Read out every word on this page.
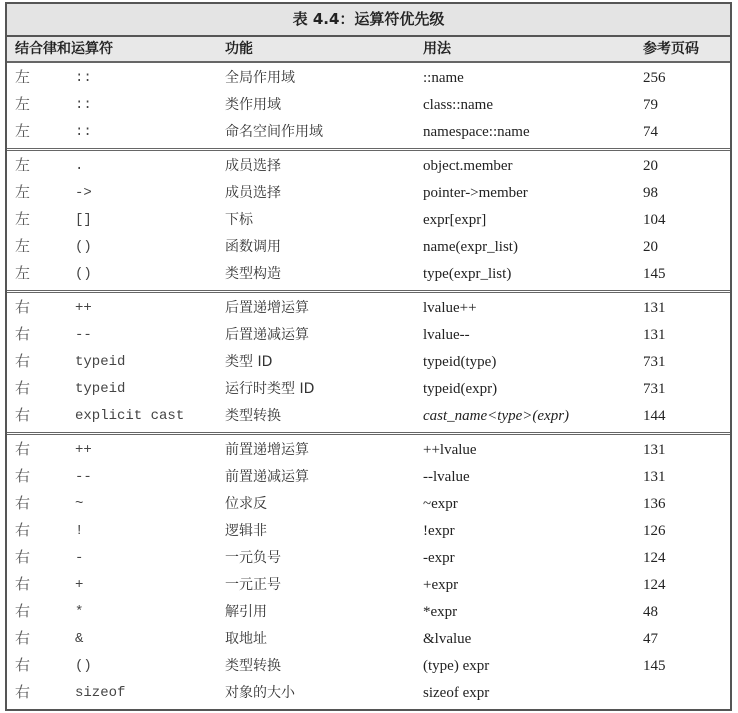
表 4.4：运算符优先级
结合律和运算符	功能	用法	参考页码
左	::	全局作用域	::name	256
左	::	类作用域	class::name	79
左	::	命名空间作用域	namespace::name	74
左	.	成员选择	object.member	20
左	->	成员选择	pointer->member	98
左	[]	下标	expr[expr]	104
左	()	函数调用	name(expr_list)	20
左	()	类型构造	type(expr_list)	145
右	++	后置递增运算	lvalue++	131
右	--	后置递减运算	lvalue--	131
右	typeid	类型 ID	typeid(type)	731
右	typeid	运行时类型 ID	typeid(expr)	731
右	explicit cast	类型转换	cast_name<type>(expr)	144
右	++	前置递增运算	++lvalue	131
右	--	前置递减运算	--lvalue	131
右	~	位求反	~expr	136
右	!	逻辑非	!expr	126
右	-	一元负号	-expr	124
右	+	一元正号	+expr	124
右	*	解引用	*expr	48
右	&	取地址	&lvalue	47
右	()	类型转换	(type) expr	145
右	sizeof	对象的大小	sizeof expr
